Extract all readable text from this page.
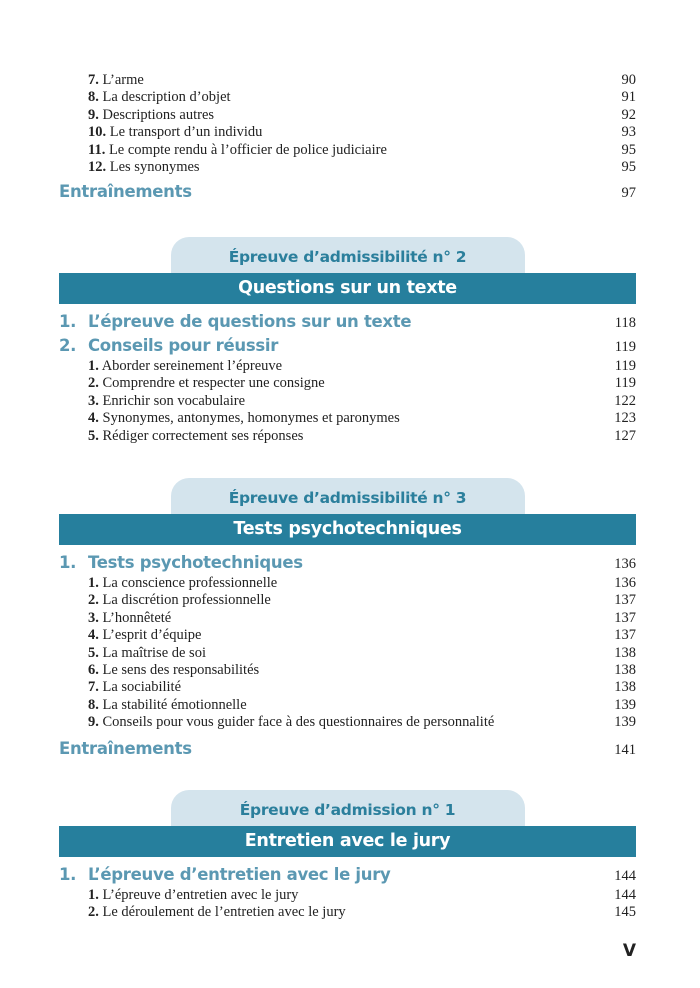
7. L’arme	90
8. La description d’objet	91
9. Descriptions autres	92
10. Le transport d’un individu	93
11. Le compte rendu à l’officier de police judiciaire	95
12. Les synonymes	95
Entraînements	97
Épreuve d’admissibilité n° 2
Questions sur un texte
1. L’épreuve de questions sur un texte	118
2. Conseils pour réussir	119
1. Aborder sereinement l’épreuve	119
2. Comprendre et respecter une consigne	119
3. Enrichir son vocabulaire	122
4. Synonymes, antonymes, homonymes et paronymes	123
5. Rédiger correctement ses réponses	127
Épreuve d’admissibilité n° 3
Tests psychotechniques
1. Tests psychotechniques	136
1. La conscience professionnelle	136
2. La discrétion professionnelle	137
3. L’honnêteté	137
4. L’esprit d’équipe	137
5. La maîtrise de soi	138
6. Le sens des responsabilités	138
7. La sociabilité	138
8. La stabilité émotionnelle	139
9. Conseils pour vous guider face à des questionnaires de personnalité	139
Entraînements	141
Épreuve d’admission n° 1
Entretien avec le jury
1. L’épreuve d’entretien avec le jury	144
1. L’épreuve d’entretien avec le jury	144
2. Le déroulement de l’entretien avec le jury	145
V
